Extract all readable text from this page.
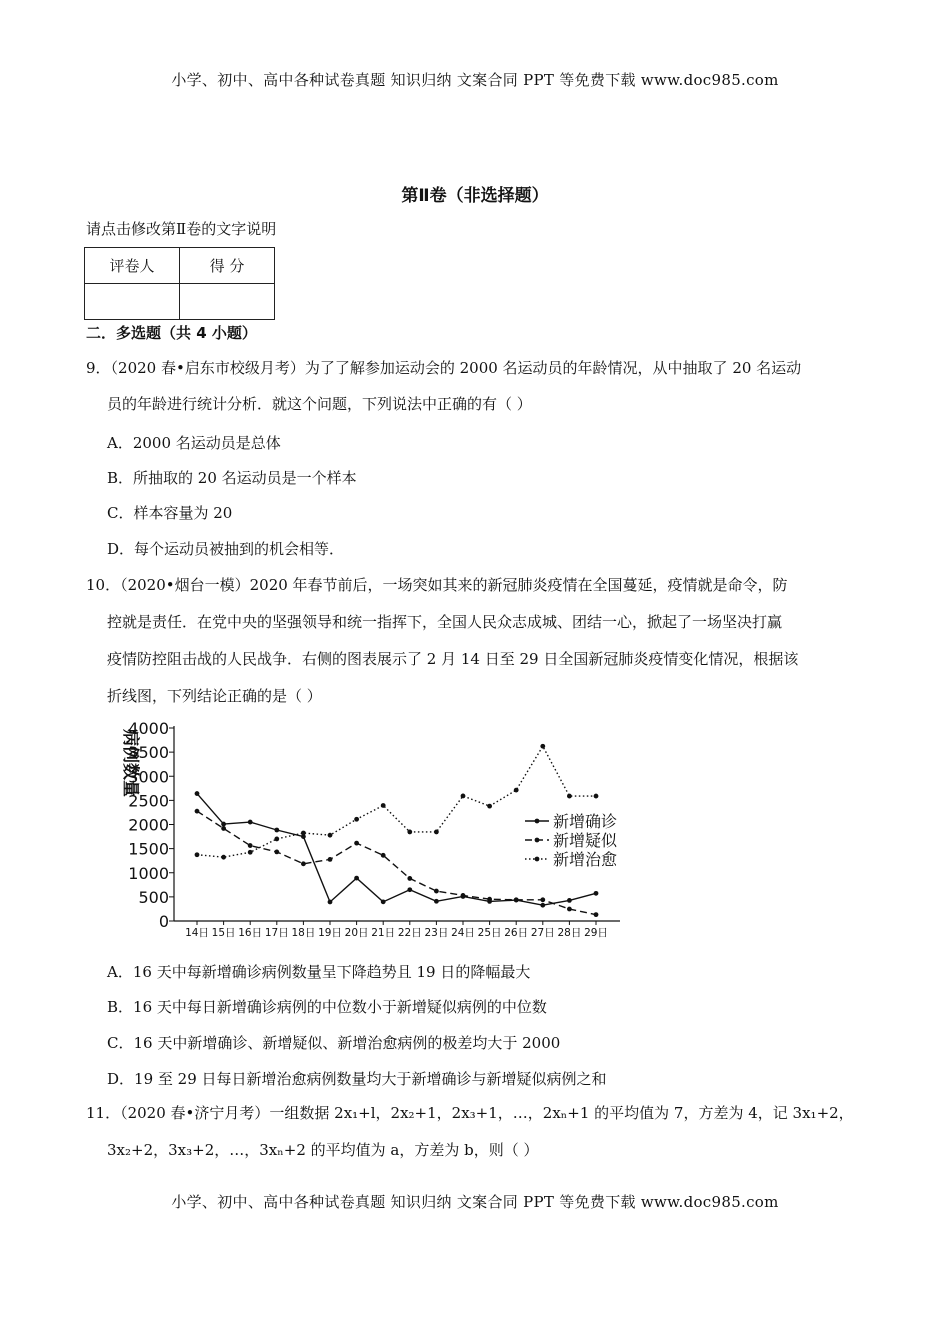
小学、初中、高中各种试卷真题 知识归纳 文案合同 PPT 等免费下载 www.doc985.com
第Ⅱ卷（非选择题）
请点击修改第Ⅱ卷的文字说明
评卷人	得 分

二．多选题（共 4 小题）
9．（2020 春•启东市校级月考）为了了解参加运动会的 2000 名运动员的年龄情况，从中抽取了 20 名运动
员的年龄进行统计分析．就这个问题，下列说法中正确的有（ ）
A．2000 名运动员是总体
B．所抽取的 20 名运动员是一个样本
C．样本容量为 20
D．每个运动员被抽到的机会相等．
10．（2020•烟台一模）2020 年春节前后，一场突如其来的新冠肺炎疫情在全国蔓延，疫情就是命令，防
控就是责任．在党中央的坚强领导和统一指挥下，全国人民众志成城、团结一心，掀起了一场坚决打赢
疫情防控阻击战的人民战争．右侧的图表展示了 2 月 14 日至 29 日全国新冠肺炎疫情变化情况，根据该
折线图，下列结论正确的是（ ）
病例数量
0
500
1000
1500
2000
2500
3000
3500
4000
14日 15日 16日 17日 18日 19日 20日 21日 22日 23日 24日 25日 26日 27日 28日 29日
新增确诊
新增疑似
新增治愈
A．16 天中每新增确诊病例数量呈下降趋势且 19 日的降幅最大
B．16 天中每日新增确诊病例的中位数小于新增疑似病例的中位数
C．16 天中新增确诊、新增疑似、新增治愈病例的极差均大于 2000
D．19 至 29 日每日新增治愈病例数量均大于新增确诊与新增疑似病例之和
11．（2020 春•济宁月考）一组数据 2x₁+l，2x₂+1，2x₃+1，…，2xₙ+1 的平均值为 7，方差为 4，记 3x₁+2，
3x₂+2，3x₃+2，…，3xₙ+2 的平均值为 a，方差为 b，则（ ）
小学、初中、高中各种试卷真题 知识归纳 文案合同 PPT 等免费下载 www.doc985.com
